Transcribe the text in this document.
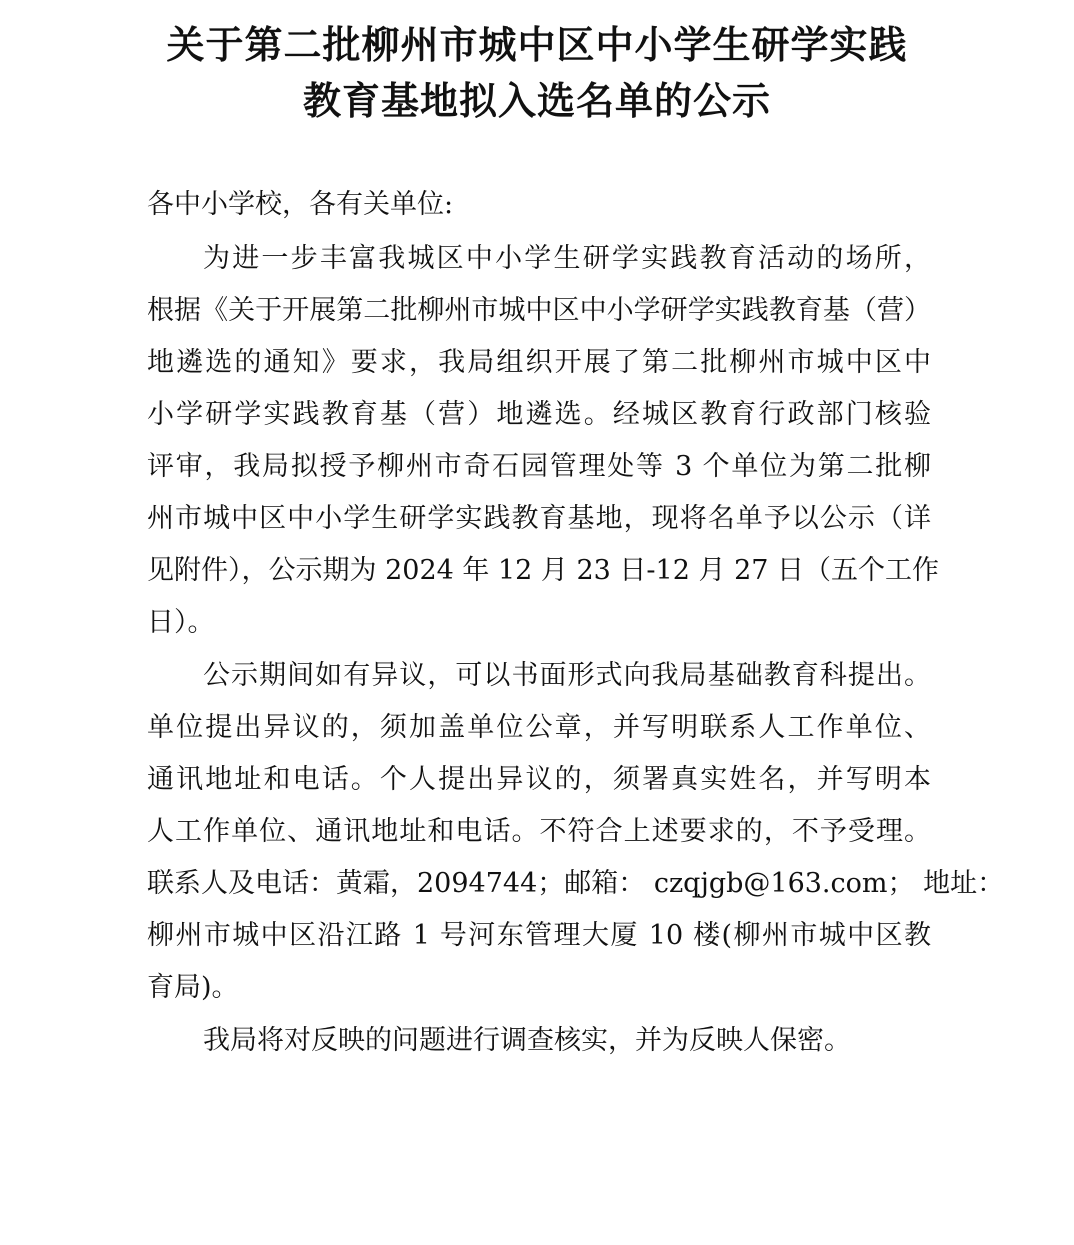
关于第二批柳州市城中区中小学生研学实践
教育基地拟入选名单的公示
各中小学校，各有关单位:
为进一步丰富我城区中小学生研学实践教育活动的场所，
根据《关于开展第二批柳州市城中区中小学研学实践教育基（营）
地遴选的通知》要求，我局组织开展了第二批柳州市城中区中
小学研学实践教育基（营）地遴选。经城区教育行政部门核验
评审，我局拟授予柳州市奇石园管理处等 3 个单位为第二批柳
州市城中区中小学生研学实践教育基地，现将名单予以公示（详
见附件），公示期为 2024 年 12 月 23 日-12 月 27 日（五个工作
日）。
公示期间如有异议，可以书面形式向我局基础教育科提出。
单位提出异议的，须加盖单位公章，并写明联系人工作单位、
通讯地址和电话。个人提出异议的，须署真实姓名，并写明本
人工作单位、通讯地址和电话。不符合上述要求的，不予受理。
联系人及电话：黄霜，2094744；邮箱： czqjgb@163.com； 地址：
柳州市城中区沿江路 1 号河东管理大厦 10 楼(柳州市城中区教
育局)。
我局将对反映的问题进行调查核实，并为反映人保密。
